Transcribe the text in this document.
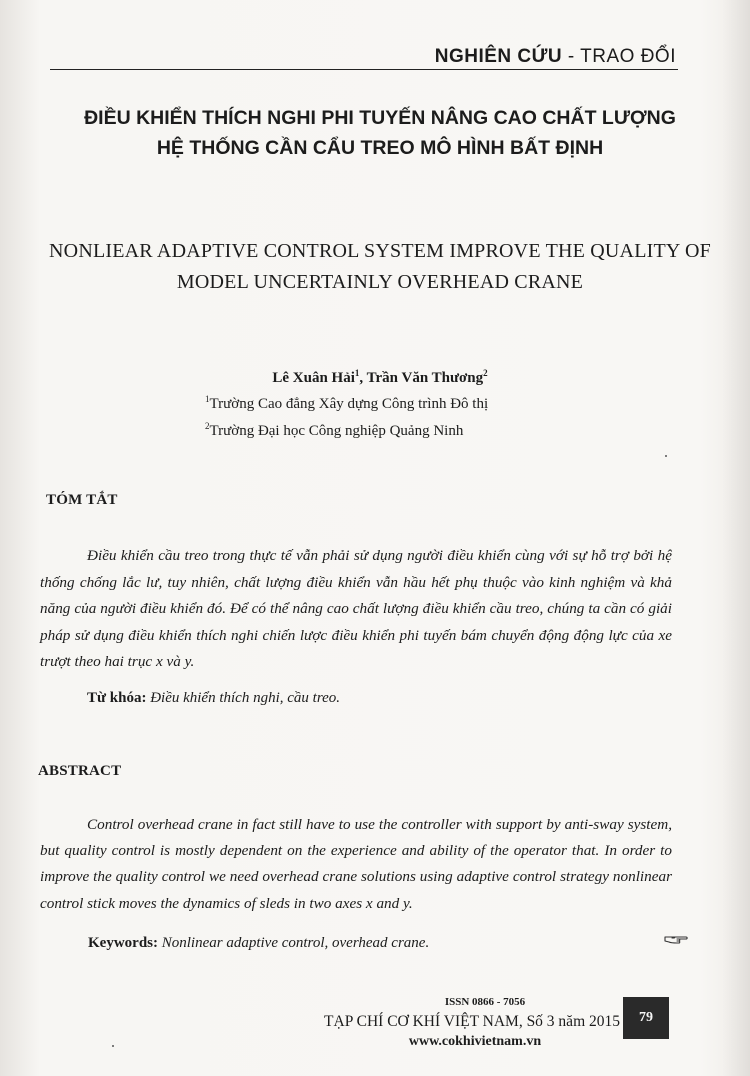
NGHIÊN CỨU - TRAO ĐỔI
ĐIỀU KHIỂN THÍCH NGHI PHI TUYẾN NÂNG CAO CHẤT LƯỢNG
HỆ THỐNG CẦN CẨU TREO MÔ HÌNH BẤT ĐỊNH
NONLIEAR ADAPTIVE CONTROL SYSTEM IMPROVE THE QUALITY OF
MODEL UNCERTAINLY OVERHEAD CRANE
Lê Xuân Hải$^1$, Trần Văn Thương$^2$
$^1$Trường Cao đẳng Xây dựng Công trình Đô thị
$^2$Trường Đại học Công nghiệp Quảng Ninh
TÓM TẮT
Điều khiển cầu treo trong thực tế vẫn phải sử dụng người điều khiển cùng với sự hỗ trợ bởi hệ thống chống lắc lư, tuy nhiên, chất lượng điều khiển vẫn hầu hết phụ thuộc vào kinh nghiệm và khả năng của người điều khiển đó. Để có thể nâng cao chất lượng điều khiển cầu treo, chúng ta cần có giải pháp sử dụng điều khiển thích nghi chiến lược điều khiển phi tuyến bám chuyển động động lực của xe trượt theo hai trục x và y.
Từ khóa: Điều khiển thích nghi, cầu treo.
ABSTRACT
Control overhead crane in fact still have to use the controller with support by anti-sway system, but quality control is mostly dependent on the experience and ability of the operator that. In order to improve the quality control we need overhead crane solutions using adaptive control strategy nonlinear control stick moves the dynamics of sleds in two axes x and y.
Keywords: Nonlinear adaptive control, overhead crane.
ISSN 0866 - 7056
TẠP CHÍ CƠ KHÍ VIỆT NAM, Số 3 năm 2015
www.cokhivietnam.vn
79
